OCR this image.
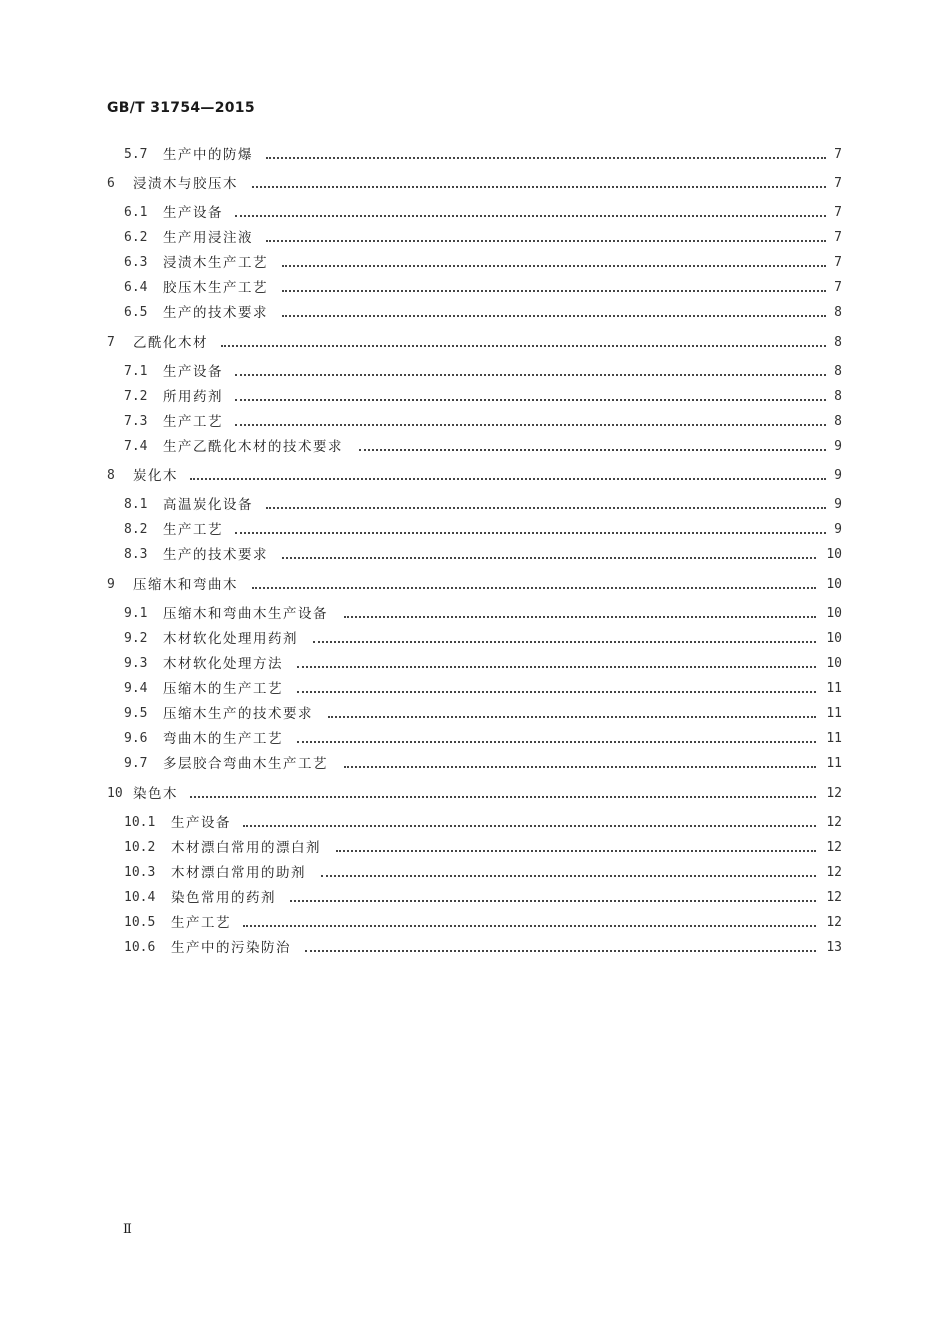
GB/T 31754—2015
5.7 生产中的防爆	7
6 浸渍木与胶压木	7
6.1 生产设备	7
6.2 生产用浸注液	7
6.3 浸渍木生产工艺	7
6.4 胶压木生产工艺	7
6.5 生产的技术要求	8
7 乙酰化木材	8
7.1 生产设备	8
7.2 所用药剂	8
7.3 生产工艺	8
7.4 生产乙酰化木材的技术要求	9
8 炭化木	9
8.1 高温炭化设备	9
8.2 生产工艺	9
8.3 生产的技术要求	10
9 压缩木和弯曲木	10
9.1 压缩木和弯曲木生产设备	10
9.2 木材软化处理用药剂	10
9.3 木材软化处理方法	10
9.4 压缩木的生产工艺	11
9.5 压缩木生产的技术要求	11
9.6 弯曲木的生产工艺	11
9.7 多层胶合弯曲木生产工艺	11
10 染色木	12
10.1 生产设备	12
10.2 木材漂白常用的漂白剂	12
10.3 木材漂白常用的助剂	12
10.4 染色常用的药剂	12
10.5 生产工艺	12
10.6 生产中的污染防治	13
Ⅱ
